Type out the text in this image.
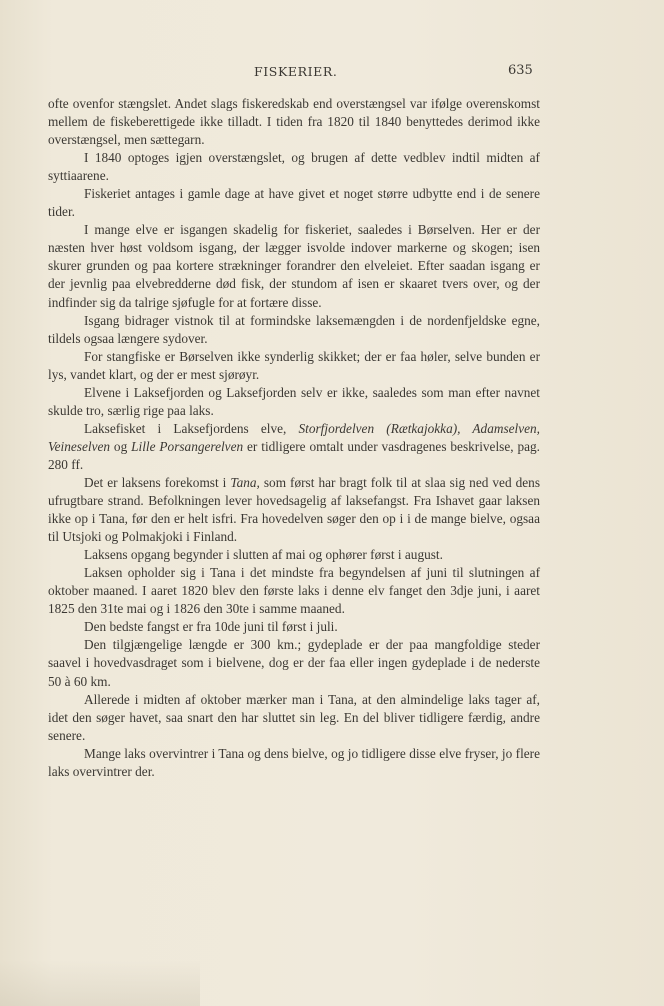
FISKERIER.	635

ofte ovenfor stængslet. Andet slags fiskeredskab end overstængsel var ifølge overenskomst mellem de fiskeberettigede ikke tilladt. I tiden fra 1820 til 1840 benyttedes derimod ikke overstængsel, men sættegarn.

I 1840 optoges igjen overstængslet, og brugen af dette vedblev indtil midten af syttiaarene.

Fiskeriet antages i gamle dage at have givet et noget større udbytte end i de senere tider.

I mange elve er isgangen skadelig for fiskeriet, saaledes i Børselven. Her er der næsten hver høst voldsom isgang, der lægger isvolde indover markerne og skogen; isen skurer grunden og paa kortere strækninger forandrer den elveleiet. Efter saadan isgang er der jevnlig paa elvebredderne død fisk, der stundom af isen er skaaret tvers over, og der indfinder sig da talrige sjøfugle for at fortære disse.

Isgang bidrager vistnok til at formindske laksemængden i de nordenfjeldske egne, tildels ogsaa længere sydover.

For stangfiske er Børselven ikke synderlig skikket; der er faa høler, selve bunden er lys, vandet klart, og der er mest sjørøyr.

Elvene i Laksefjorden og Laksefjorden selv er ikke, saaledes som man efter navnet skulde tro, særlig rige paa laks.

Laksefisket i Laksefjordens elve, Storfjordelven (Rætkajokka), Adamselven, Veineselven og Lille Porsangerelven er tidligere omtalt under vasdragenes beskrivelse, pag. 280 ff.

Det er laksens forekomst i Tana, som først har bragt folk til at slaa sig ned ved dens ufrugtbare strand. Befolkningen lever hovedsagelig af laksefangst. Fra Ishavet gaar laksen ikke op i Tana, før den er helt isfri. Fra hovedelven søger den op i i de mange bielve, ogsaa til Utsjoki og Polmakjoki i Finland.

Laksens opgang begynder i slutten af mai og ophører først i august.

Laksen opholder sig i Tana i det mindste fra begyndelsen af juni til slutningen af oktober maaned. I aaret 1820 blev den første laks i denne elv fanget den 3dje juni, i aaret 1825 den 31te mai og i 1826 den 30te i samme maaned.

Den bedste fangst er fra 10de juni til først i juli.

Den tilgjængelige længde er 300 km.; gydeplade er der paa mangfoldige steder saavel i hovedvasdraget som i bielvene, dog er der faa eller ingen gydeplade i de nederste 50 à 60 km.

Allerede i midten af oktober mærker man i Tana, at den almindelige laks tager af, idet den søger havet, saa snart den har sluttet sin leg. En del bliver tidligere færdig, andre senere.

Mange laks overvintrer i Tana og dens bielve, og jo tidligere disse elve fryser, jo flere laks overvintrer der.
